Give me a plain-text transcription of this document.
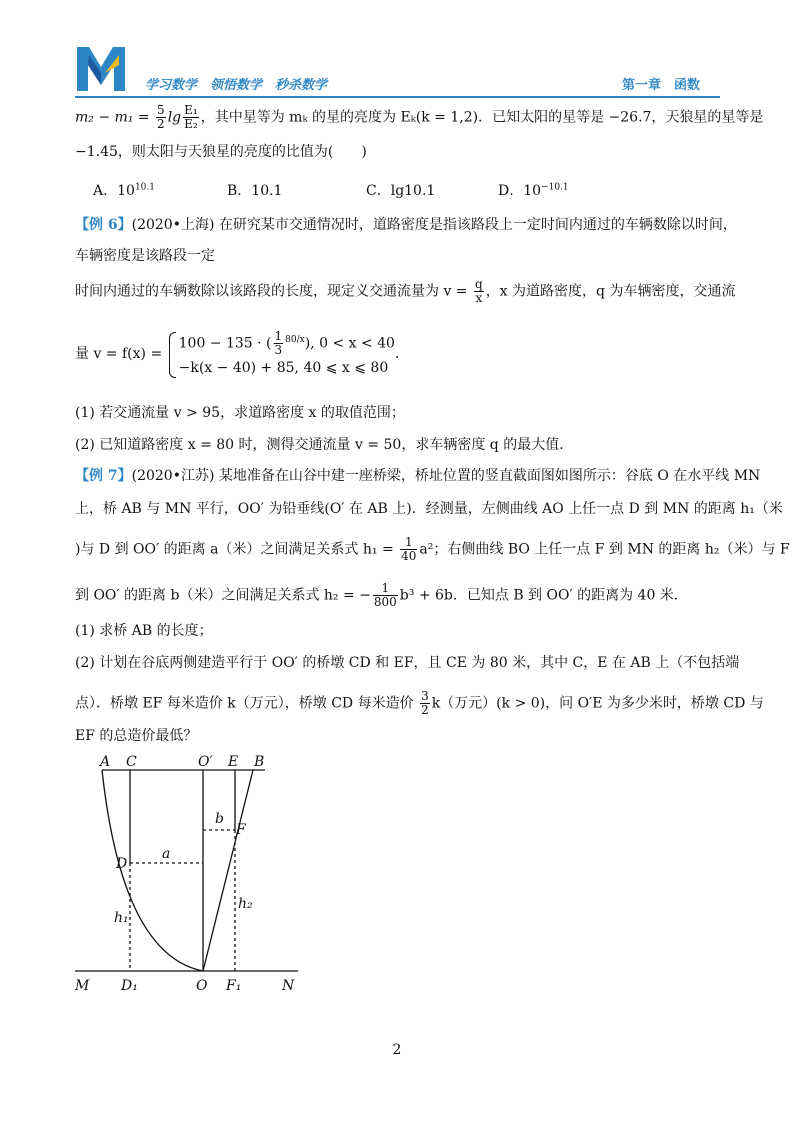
学习数学　领悟数学　秒杀数学	第一章　函数
$m_2 - m_1 = \frac{5}{2}$ $\lg \frac{\text{E₁}}{\text{E₂}}$ ，其中星等为 mₖ 的星的亮度为 Eₖ(k = 1,2)．已知太阳的星等是 −26.7，天狼星的星等是
−1.45，则太阳与天狼星的亮度的比值为(　　)
A．$10^{10.1}$	B．10.1	C．lg10.1	D．$10^{-10.1}$
【例 6】(2020•上海) 在研究某市交通情况时，道路密度是指该路段上一定时间内通过的车辆数除以时间，
车辆密度是该路段一定
时间内通过的车辆数除以该路段的长度，现定义交通流量为 $v = \frac{q}{x}$ ，x 为道路密度，q 为车辆密度，交通流
量 v = f(x) =
100 − 135 · ( $\frac{1}{3} ^{80/x}$), 0 < x < 40
−k(x − 40) + 85, 40 ⩽ x ⩽ 80
．
(1) 若交通流量 v > 95，求道路密度 x 的取值范围；
(2) 已知道路密度 x = 80 时，测得交通流量 v = 50，求车辆密度 q 的最大值．
【例 7】(2020•江苏) 某地准备在山谷中建一座桥梁，桥址位置的竖直截面图如图所示：谷底 O 在水平线 MN
上，桥 AB 与 MN 平行，OO′ 为铅垂线(O′ 在 AB 上)．经测量，左侧曲线 AO 上任一点 D 到 MN 的距离 h₁（米
)与 D 到 OO′ 的距离 a（米）之间满足关系式 $h_1 = \frac{1}{40} a^2$；右侧曲线 BO 上任一点 F 到 MN 的距离 h₂（米）与 F
到 OO′ 的距离 b（米）之间满足关系式 h₂ = − $\frac{1}{800} b^3 + 6b$．已知点 B 到 OO′ 的距离为 40 米．
(1) 求桥 AB 的长度；
(2) 计划在谷底两侧建造平行于 OO′ 的桥墩 CD 和 EF，且 CE 为 80 米，其中 C，E 在 AB 上（不包括端
点）．桥墩 EF 每米造价 k（万元），桥墩 CD 每米造价 $\frac{3}{2} k$（万元）(k > 0)，问 O′E 为多少米时，桥墩 CD 与
EF 的总造价最低？
A C	O′ E B
b
F
D
a
h₂
h₁
M D₁	O F₁	N
2
